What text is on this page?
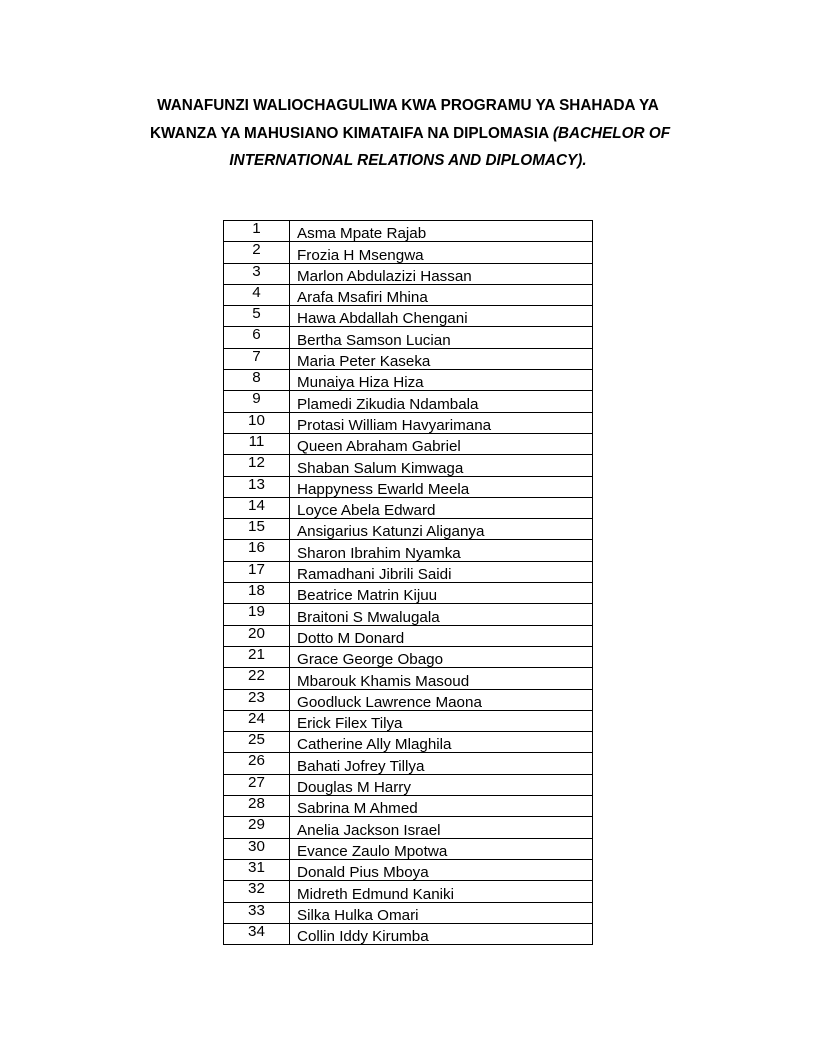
WANAFUNZI WALIOCHAGULIWA KWA PROGRAMU YA SHAHADA YA
KWANZA YA MAHUSIANO KIMATAIFA NA DIPLOMASIA (BACHELOR OF
INTERNATIONAL RELATIONS AND DIPLOMACY).
1	Asma Mpate Rajab
2	Frozia H Msengwa
3	Marlon Abdulazizi Hassan
4	Arafa Msafiri Mhina
5	Hawa Abdallah Chengani
6	Bertha Samson Lucian
7	Maria Peter Kaseka
8	Munaiya Hiza Hiza
9	Plamedi Zikudia Ndambala
10	Protasi William Havyarimana
11	Queen Abraham Gabriel
12	Shaban Salum Kimwaga
13	Happyness Ewarld Meela
14	Loyce Abela Edward
15	Ansigarius Katunzi Aliganya
16	Sharon Ibrahim Nyamka
17	Ramadhani Jibrili Saidi
18	Beatrice Matrin Kijuu
19	Braitoni S Mwalugala
20	Dotto M Donard
21	Grace George Obago
22	Mbarouk Khamis Masoud
23	Goodluck Lawrence Maona
24	Erick Filex Tilya
25	Catherine Ally Mlaghila
26	Bahati Jofrey Tillya
27	Douglas M Harry
28	Sabrina M Ahmed
29	Anelia Jackson Israel
30	Evance Zaulo Mpotwa
31	Donald Pius Mboya
32	Midreth Edmund Kaniki
33	Silka Hulka Omari
34	Collin Iddy Kirumba
